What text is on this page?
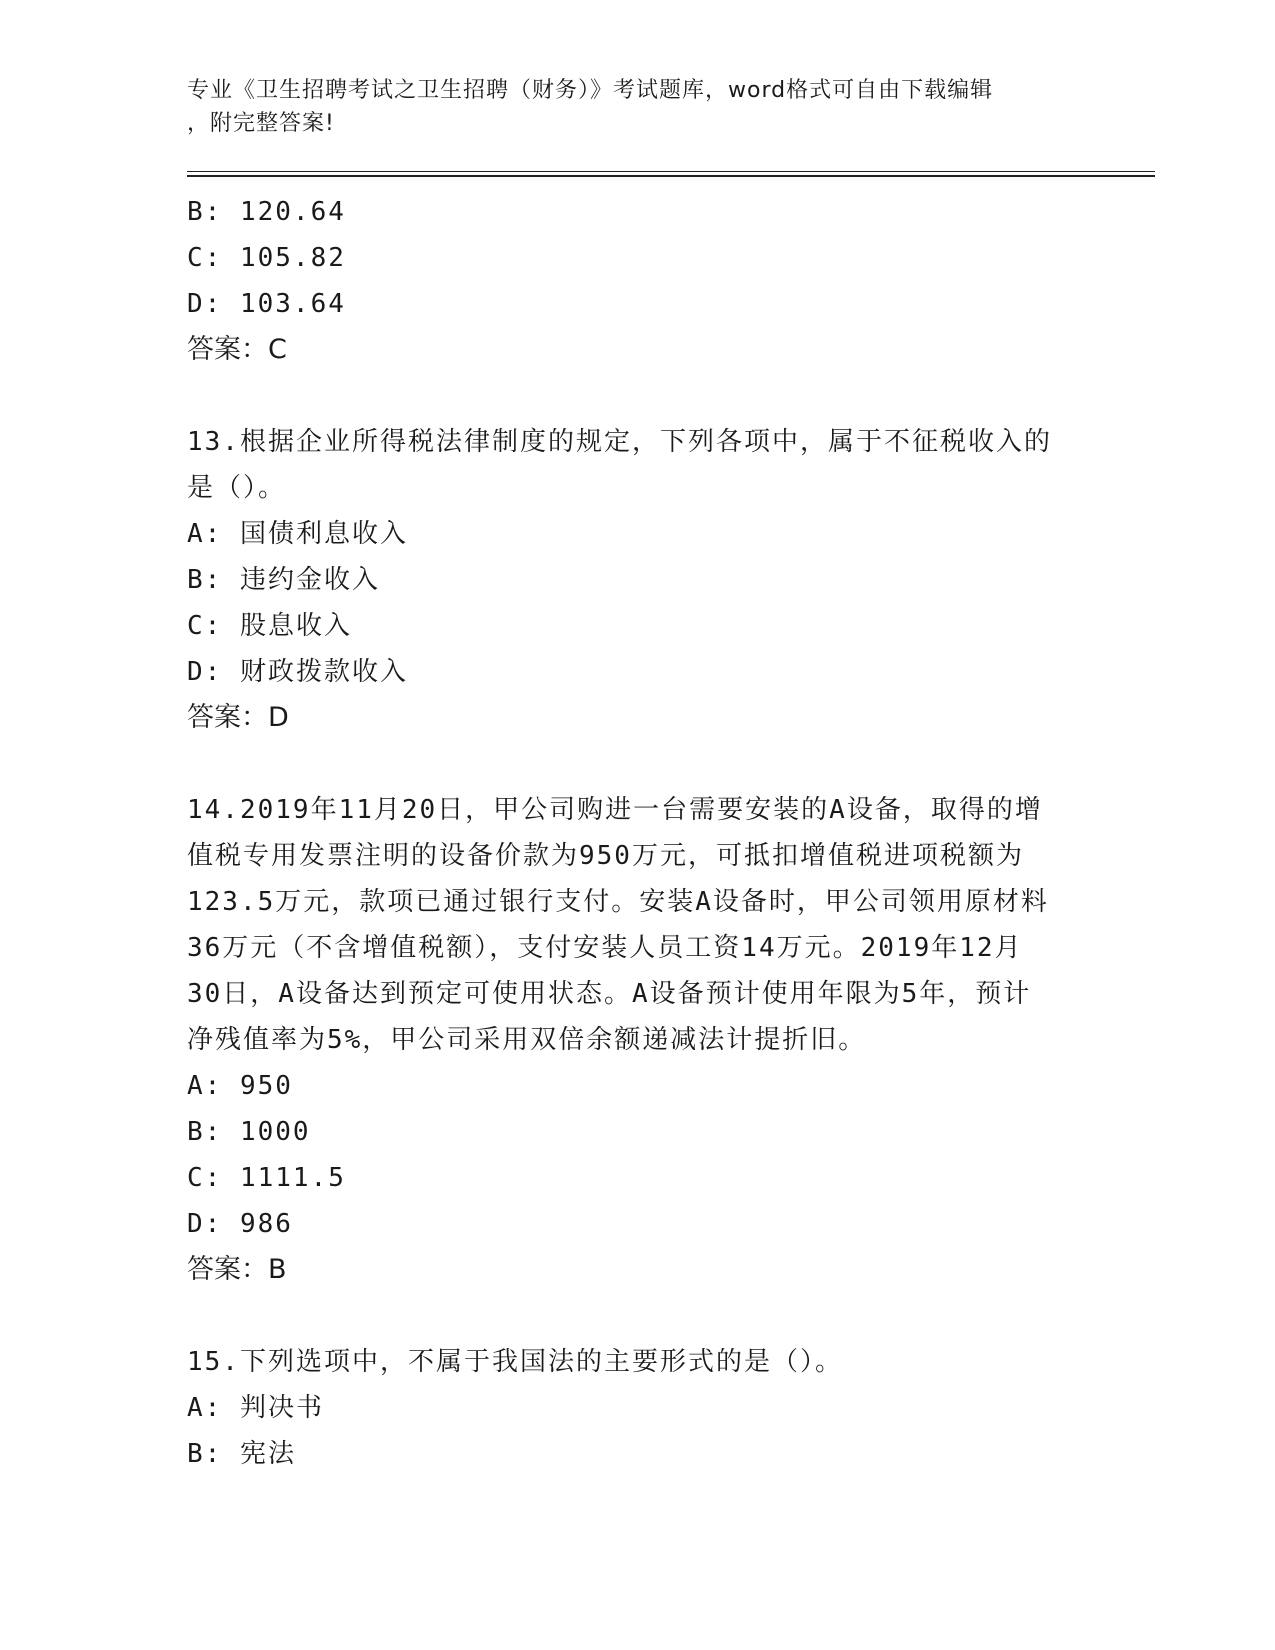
专业《卫生招聘考试之卫生招聘（财务）》考试题库，word格式可自由下载编辑
，附完整答案!
B: 120.64
C: 105.82
D: 103.64
答案：C
13.根据企业所得税法律制度的规定，下列各项中，属于不征税收入的
是（）。
A: 国债利息收入
B: 违约金收入
C: 股息收入
D: 财政拨款收入
答案：D
14.2019年11月20日，甲公司购进一台需要安装的A设备，取得的增
值税专用发票注明的设备价款为950万元，可抵扣增值税进项税额为
123.5万元，款项已通过银行支付。安装A设备时，甲公司领用原材料
36万元（不含增值税额），支付安装人员工资14万元。2019年12月
30日，A设备达到预定可使用状态。A设备预计使用年限为5年，预计
净残值率为5%，甲公司采用双倍余额递减法计提折旧。
A: 950
B: 1000
C: 1111.5
D: 986
答案：B
15.下列选项中，不属于我国法的主要形式的是（）。
A: 判决书
B: 宪法
